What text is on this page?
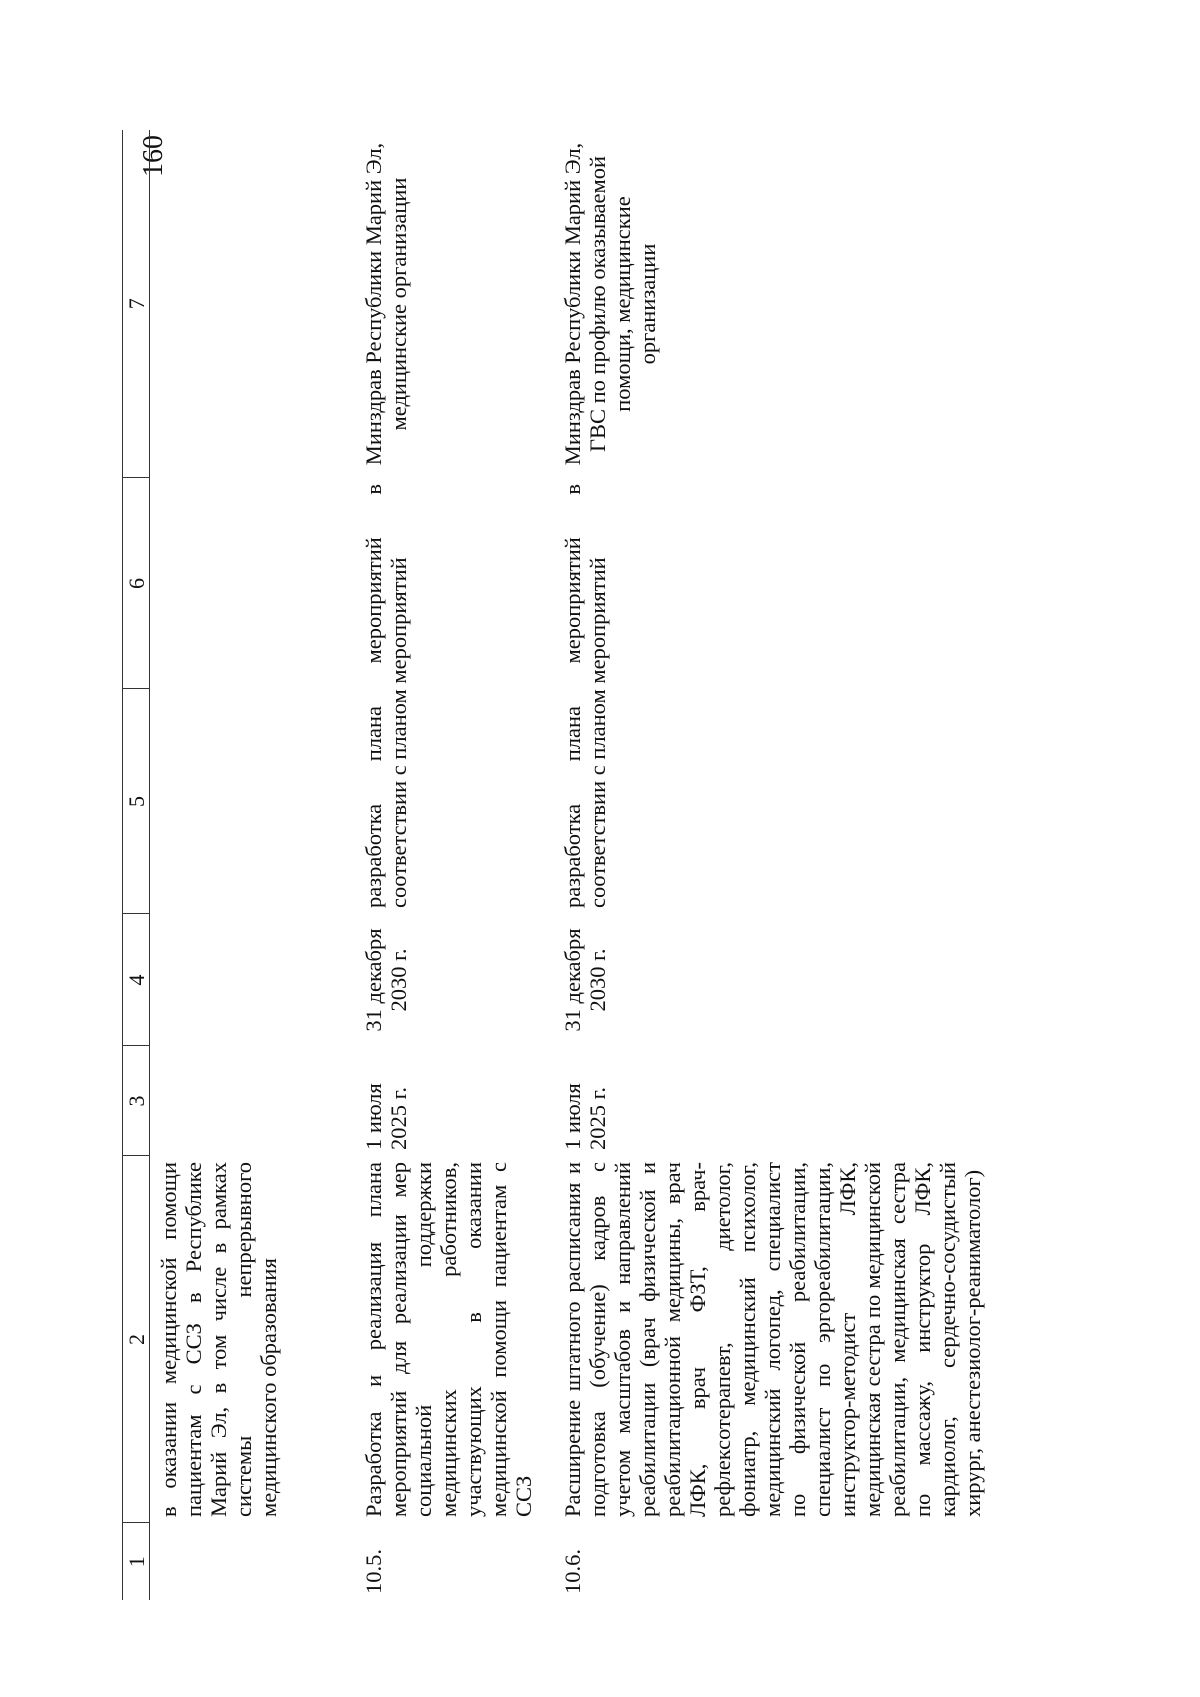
160
1	2	3	4	5	6	7
	в оказании медицинской помощи пациентам с ССЗ в Республике Марий Эл, в том числе в рамках системы непрерывного медицинского образования					

10.5.	Разработка и реализация плана мероприятий для реализации мер социальной поддержки медицинских работников, участвующих в оказании медицинской помощи пациентам с ССЗ	1 июля 2025 г.	31 декабря 2030 г.	разработка плана мероприятий в соответствии с планом мероприятий		Минздрав Республики Марий Эл, медицинские организации
10.6.	Расширение штатного расписания и подготовка (обучение) кадров с учетом масштабов и направлений реабилитации (врач физической и реабилитационной медицины, врач ЛФК, врач ФЗТ, врач-рефлексотерапевт, диетолог, фониатр, медицинский психолог, медицинский логопед, специалист по физической реабилитации, специалист по эргореабилитации, инструктор-методист ЛФК, медицинская сестра по медицинской реабилитации, медицинская сестра по массажу, инструктор ЛФК, кардиолог, сердечно-сосудистый хирург, анестезиолог-реаниматолог)	1 июля 2025 г.	31 декабря 2030 г.	разработка плана мероприятий в соответствии с планом мероприятий		Минздрав Республики Марий Эл, ГВС по профилю оказываемой помощи, медицинские организации
